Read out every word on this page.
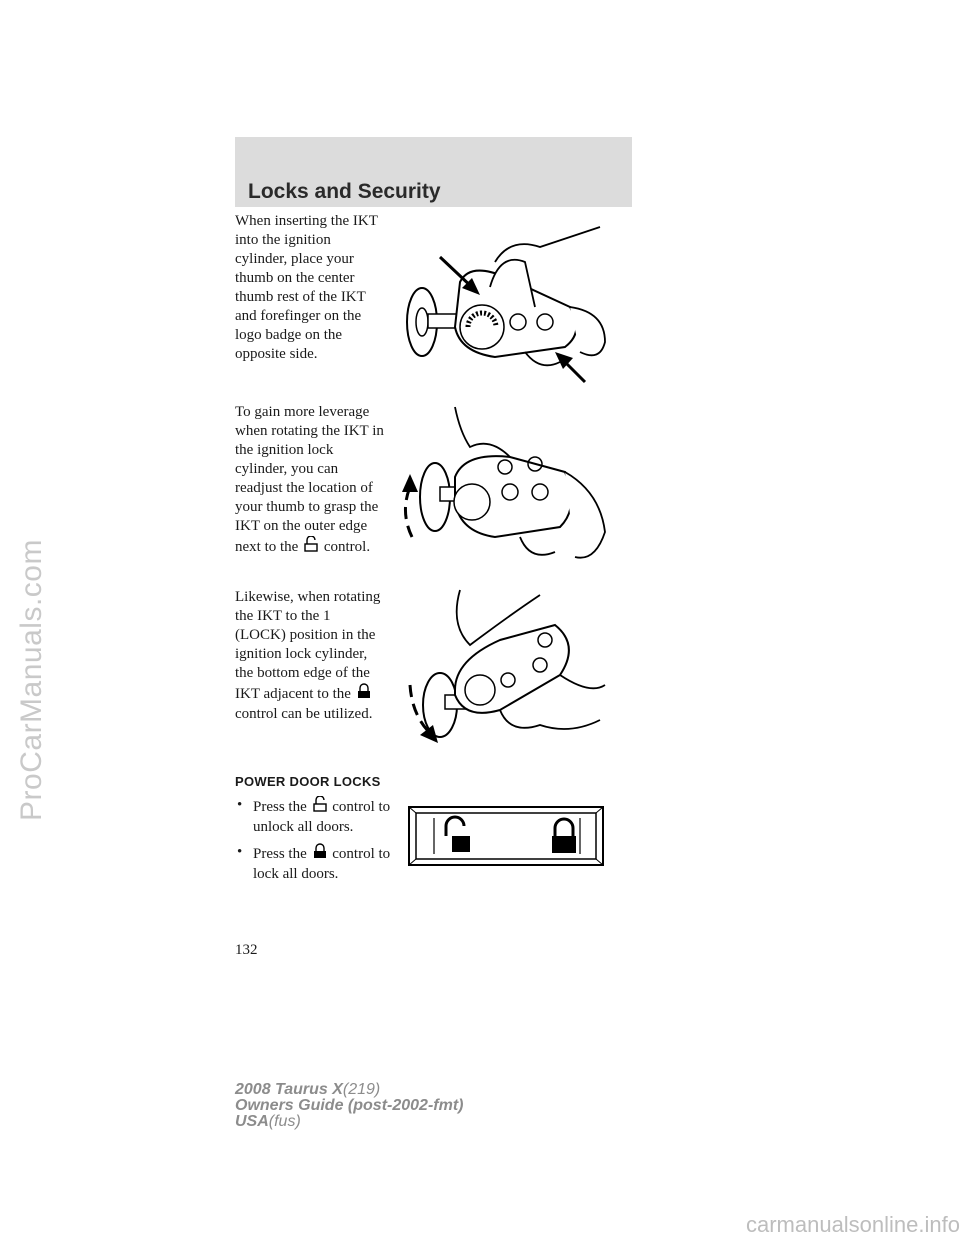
ProCarManuals.com
Locks and Security

When inserting the IKT into the ignition cylinder, place your thumb on the center thumb rest of the IKT and forefinger on the logo badge on the opposite side.

To gain more leverage when rotating the IKT in the ignition lock cylinder, you can readjust the location of your thumb to grasp the IKT on the outer edge next to the control.

Likewise, when rotating the IKT to the 1 (LOCK) position in the ignition lock cylinder, the bottom edge of the IKT adjacent to the  control can be utilized.

POWER DOOR LOCKS
• Press the control to unlock all doors.
• Press the control to lock all doors.
132
2008 Taurus X(219)
Owners Guide (post-2002-fmt)
USA(fus)
carmanualsonline.info
